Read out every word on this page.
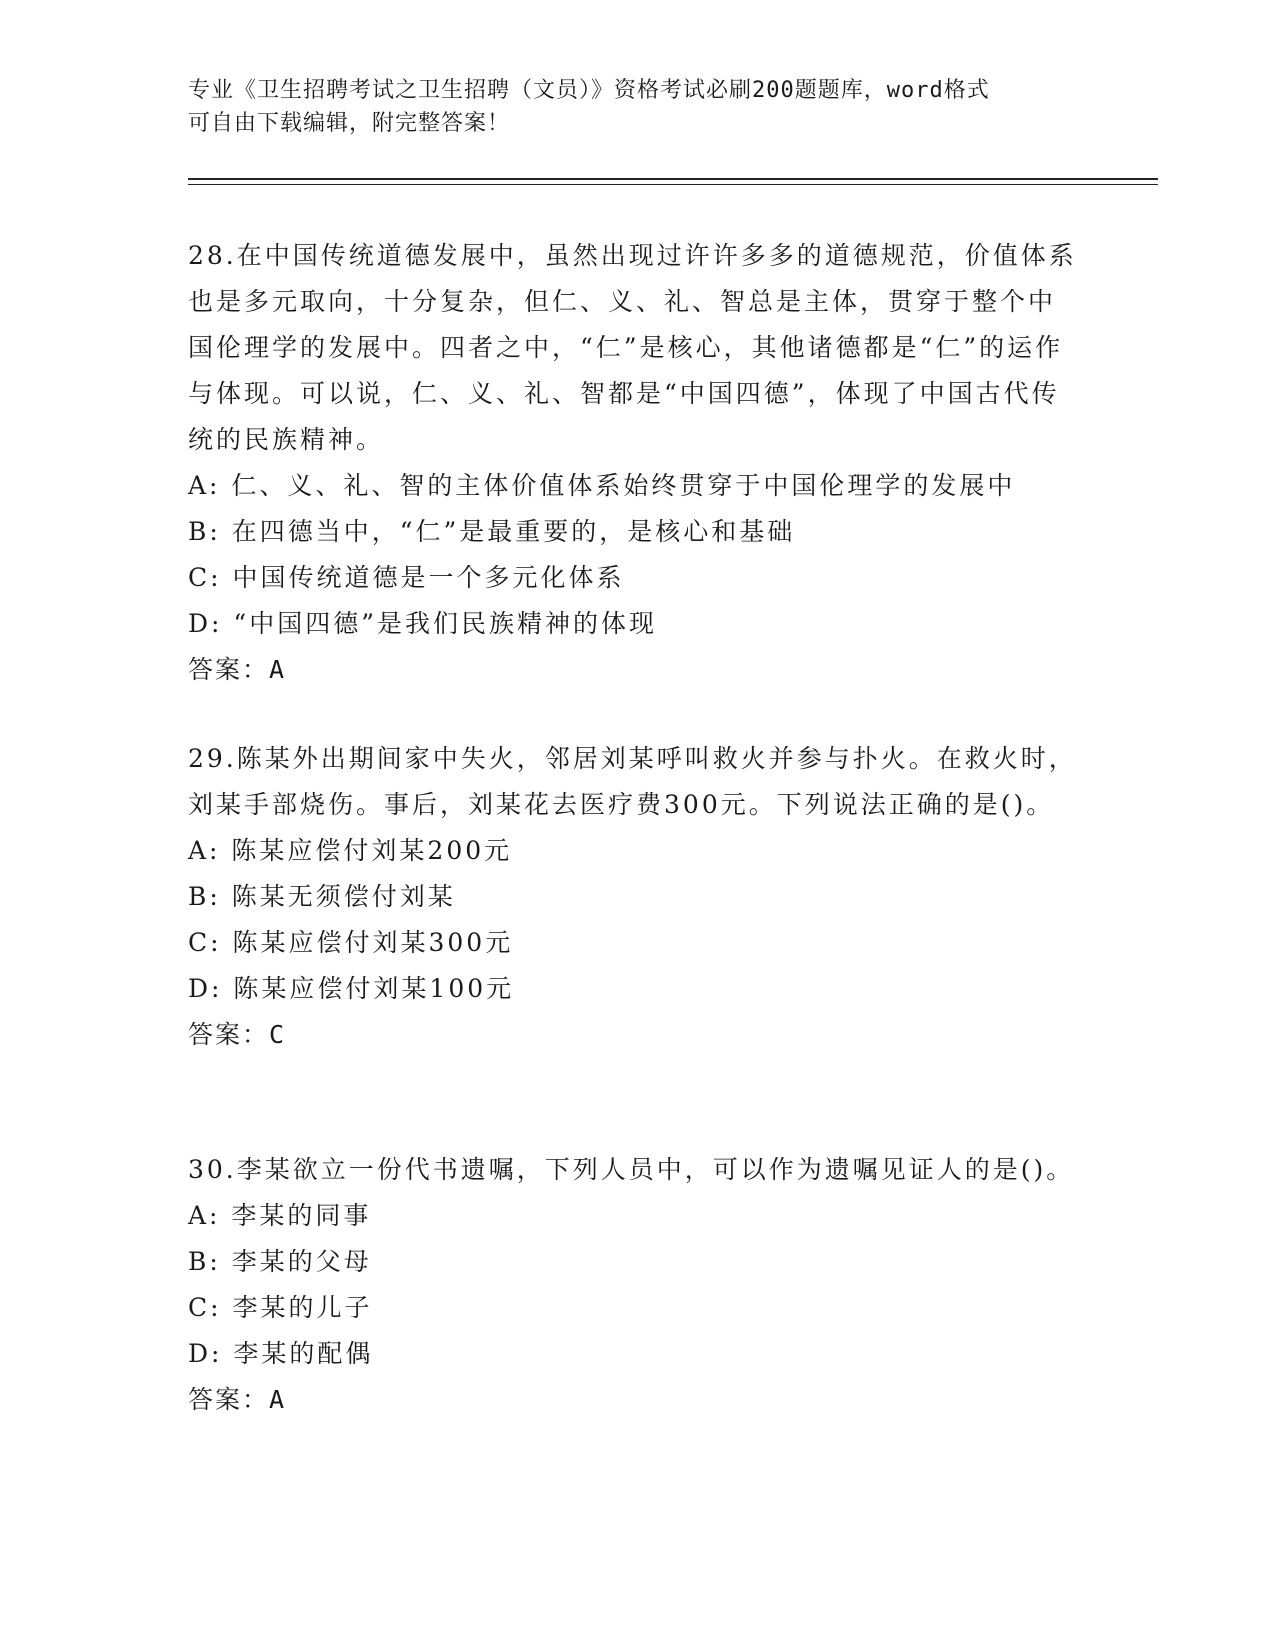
专业《卫生招聘考试之卫生招聘（文员）》资格考试必刷200题题库，word格式
可自由下载编辑，附完整答案！

28.在中国传统道德发展中，虽然出现过许许多多的道德规范，价值体系也是多元取向，十分复杂，但仁、义、礼、智总是主体，贯穿于整个中国伦理学的发展中。四者之中，“仁”是核心，其他诸德都是“仁”的运作与体现。可以说，仁、义、礼、智都是“中国四德”，体现了中国古代传统的民族精神。

A: 仁、义、礼、智的主体价值体系始终贯穿于中国伦理学的发展中

B: 在四德当中，“仁”是最重要的，是核心和基础

C: 中国传统道德是一个多元化体系

D: “中国四德”是我们民族精神的体现

答案：A

29.陈某外出期间家中失火，邻居刘某呼叫救火并参与扑火。在救火时，刘某手部烧伤。事后，刘某花去医疗费300元。下列说法正确的是()。

A: 陈某应偿付刘某200元

B: 陈某无须偿付刘某

C: 陈某应偿付刘某300元

D: 陈某应偿付刘某100元

答案：C

30.李某欲立一份代书遗嘱，下列人员中，可以作为遗嘱见证人的是()。

A: 李某的同事

B: 李某的父母

C: 李某的儿子

D: 李某的配偶

答案：A
